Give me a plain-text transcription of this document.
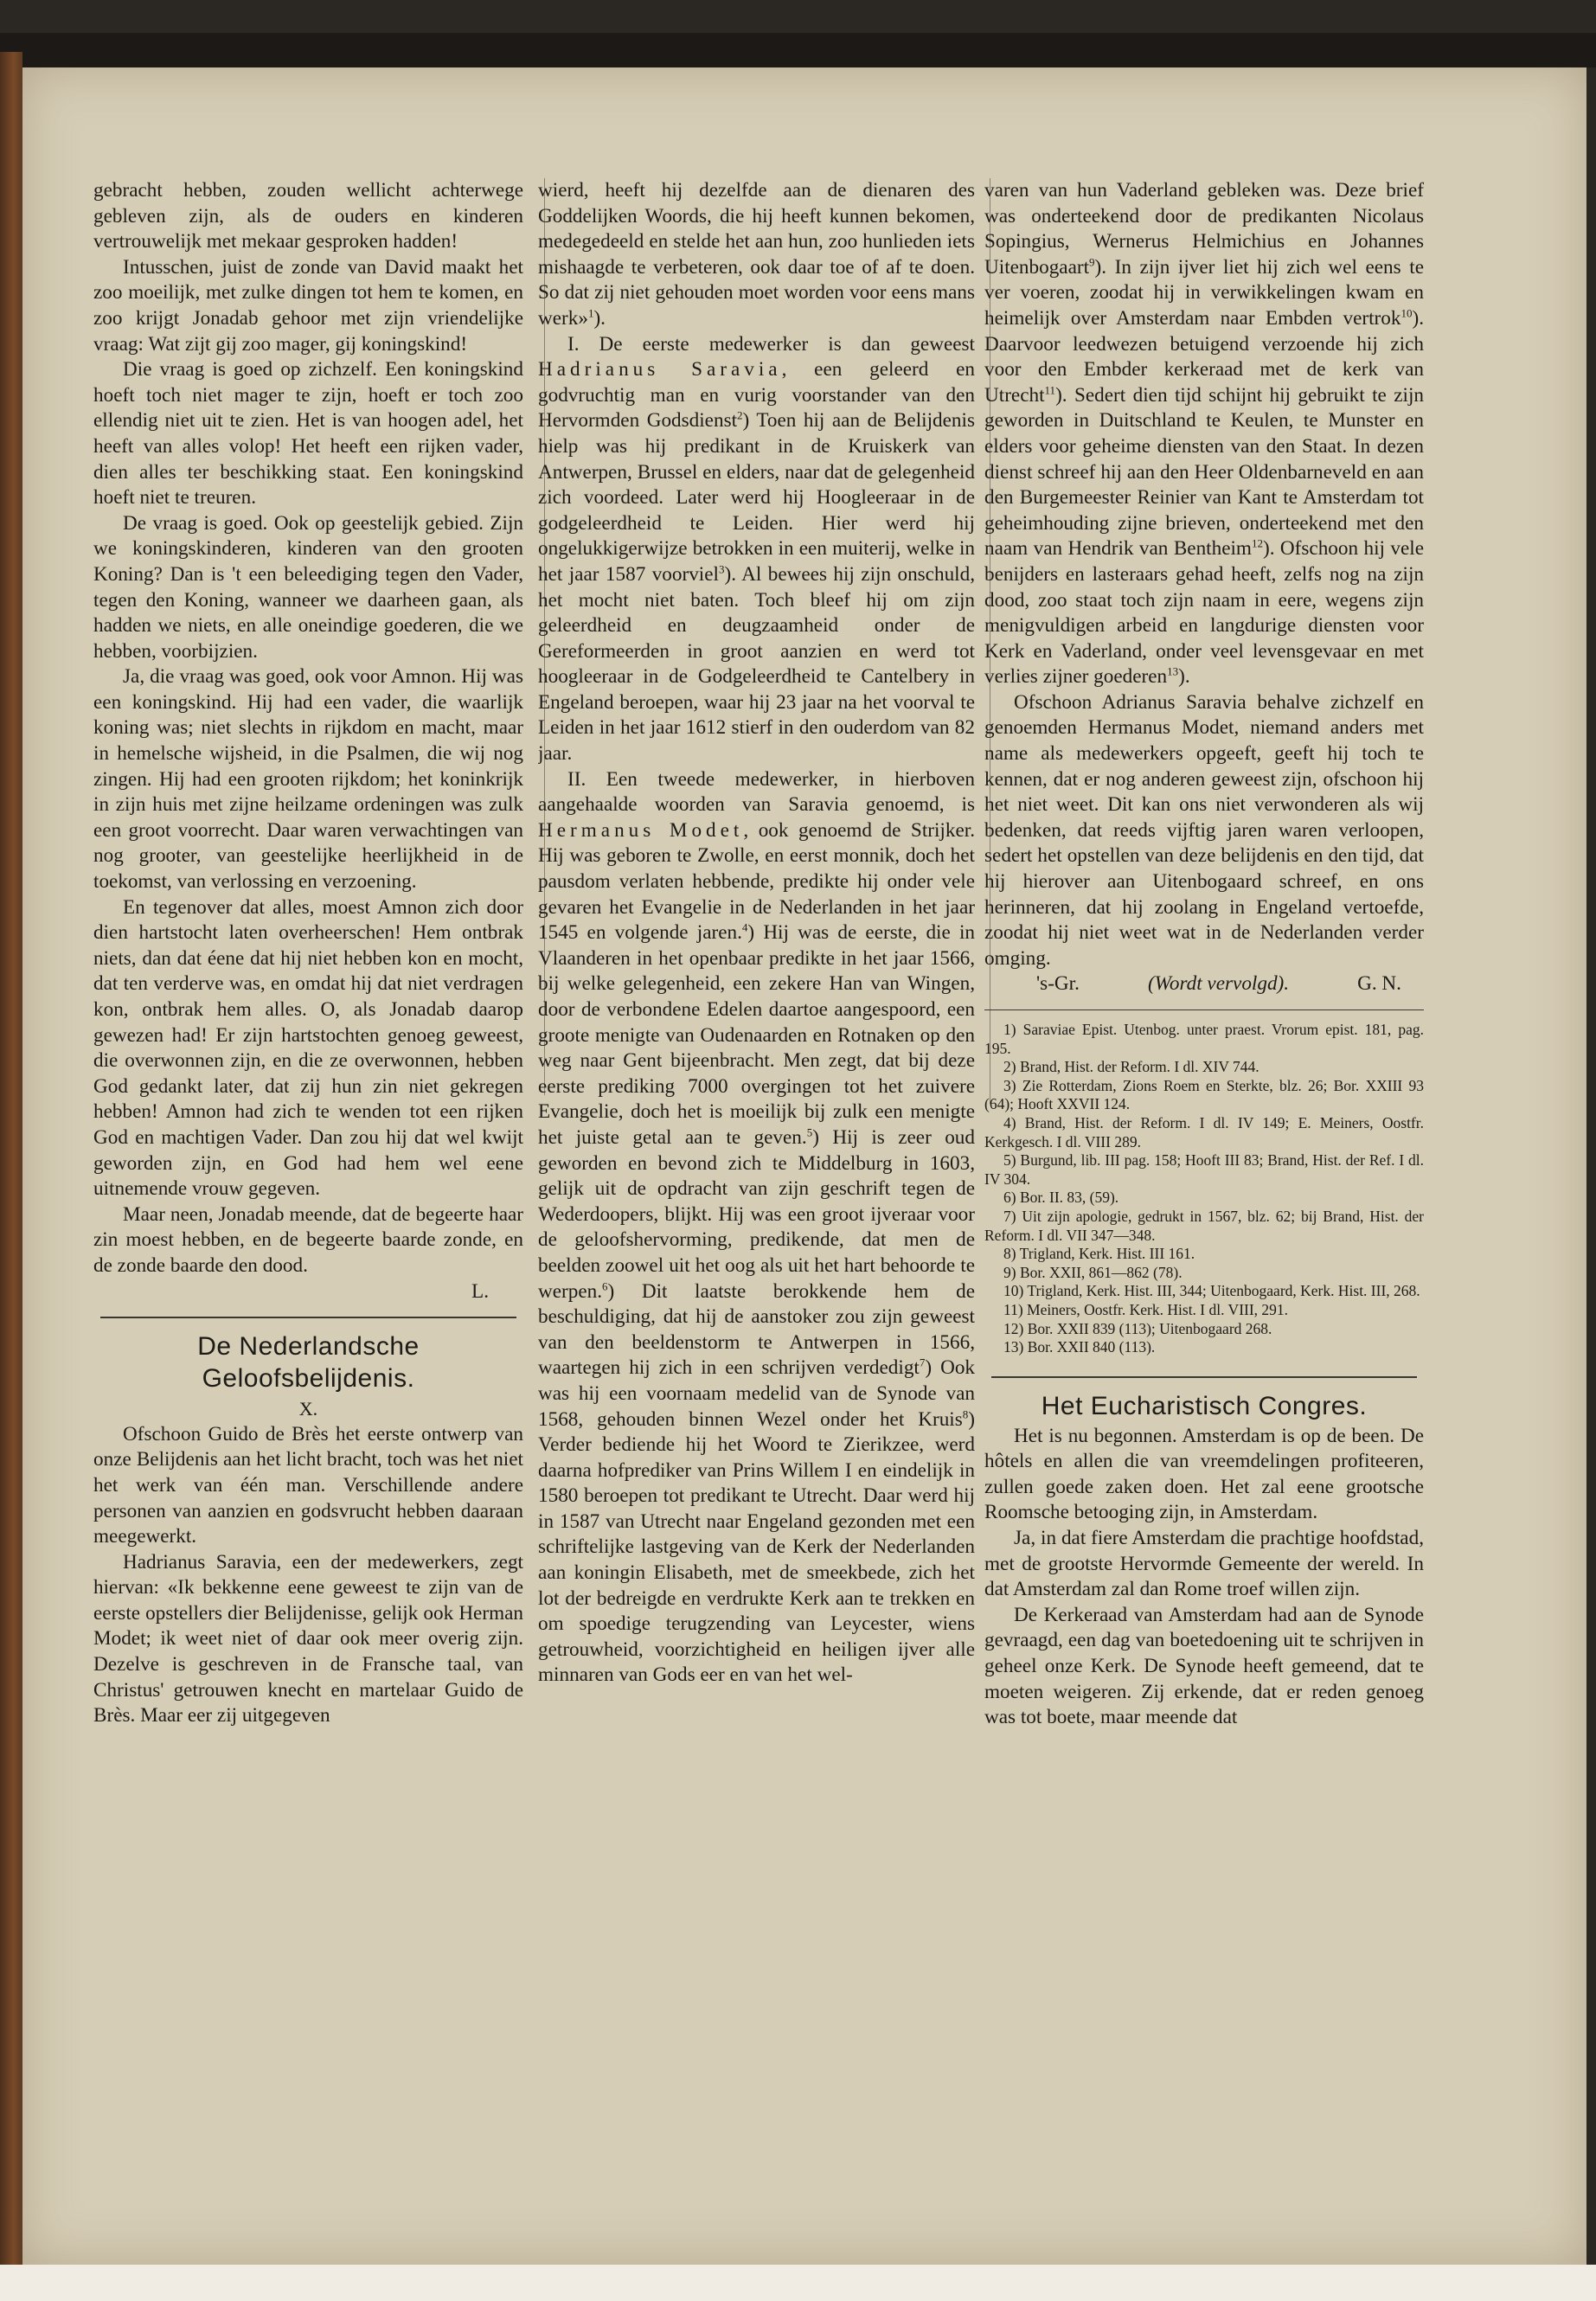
gebracht hebben, zouden wellicht achterwege gebleven zijn, als de ouders en kinderen vertrouwelijk met mekaar gesproken hadden!

Intusschen, juist de zonde van David maakt het zoo moeilijk, met zulke dingen tot hem te komen, en zoo krijgt Jonadab gehoor met zijn vriendelijke vraag: Wat zijt gij zoo mager, gij koningskind!

Die vraag is goed op zichzelf. Een koningskind hoeft toch niet mager te zijn, hoeft er toch zoo ellendig niet uit te zien. Het is van hoogen adel, het heeft van alles volop! Het heeft een rijken vader, dien alles ter beschikking staat. Een koningskind hoeft niet te treuren.

De vraag is goed. Ook op geestelijk gebied. Zijn we koningskinderen, kinderen van den grooten Koning? Dan is 't een beleediging tegen den Vader, tegen den Koning, wanneer we daarheen gaan, als hadden we niets, en alle oneindige goederen, die we hebben, voorbijzien.

Ja, die vraag was goed, ook voor Amnon. Hij was een koningskind. Hij had een vader, die waarlijk koning was; niet slechts in rijkdom en macht, maar in hemelsche wijsheid, in die Psalmen, die wij nog zingen. Hij had een grooten rijkdom; het koninkrijk in zijn huis met zijne heilzame ordeningen was zulk een groot voorrecht. Daar waren verwachtingen van nog grooter, van geestelijke heerlijkheid in de toekomst, van verlossing en verzoening.

En tegenover dat alles, moest Amnon zich door dien hartstocht laten overheerschen! Hem ontbrak niets, dan dat éene dat hij niet hebben kon en mocht, dat ten verderve was, en omdat hij dat niet verdragen kon, ontbrak hem alles. O, als Jonadab daarop gewezen had! Er zijn hartstochten genoeg geweest, die overwonnen zijn, en die ze overwonnen, hebben God gedankt later, dat zij hun zin niet gekregen hebben! Amnon had zich te wenden tot een rijken God en machtigen Vader. Dan zou hij dat wel kwijt geworden zijn, en God had hem wel eene uitnemende vrouw gegeven.

Maar neen, Jonadab meende, dat de begeerte haar zin moest hebben, en de begeerte baarde zonde, en de zonde baarde den dood.

L.
De Nederlandsche Geloofsbelijdenis.
X.

Ofschoon Guido de Brès het eerste ontwerp van onze Belijdenis aan het licht bracht, toch was het niet het werk van één man. Verschillende andere personen van aanzien en godsvrucht hebben daaraan meegewerkt.

Hadrianus Saravia, een der medewerkers, zegt hiervan: «Ik bekkenne eene geweest te zijn van de eerste opstellers dier Belijdenisse, gelijk ook Herman Modet; ik weet niet of daar ook meer overig zijn. Dezelve is geschreven in de Fransche taal, van Christus' getrouwen knecht en martelaar Guido de Brès. Maar eer zij uitgegeven

wierd, heeft hij dezelfde aan de dienaren des Goddelijken Woords, die hij heeft kunnen bekomen, medegedeeld en stelde het aan hun, zoo hunlieden iets mishaagde te verbeteren, ook daar toe of af te doen. So dat zij niet gehouden moet worden voor eens mans werk»$^1$).

I. De eerste medewerker is dan geweest Hadrianus Saravia, een geleerd en godvruchtig man en vurig voorstander van den Hervormden Godsdienst$^2$) Toen hij aan de Belijdenis hielp was hij predikant in de Kruiskerk van Antwerpen, Brussel en elders, naar dat de gelegenheid zich voordeed. Later werd hij Hoogleeraar in de godgeleerdheid te Leiden. Hier werd hij ongelukkigerwijze betrokken in een muiterij, welke in het jaar 1587 voorviel$^3$). Al bewees hij zijn onschuld, het mocht niet baten. Toch bleef hij om zijn geleerdheid en deugzaamheid onder de Gereformeerden in groot aanzien en werd tot hoogleeraar in de Godgeleerdheid te Cantelbery in Engeland beroepen, waar hij 23 jaar na het voorval te Leiden in het jaar 1612 stierf in den ouderdom van 82 jaar.

II. Een tweede medewerker, in hierboven aangehaalde woorden van Saravia genoemd, is Hermanus Modet, ook genoemd de Strijker. Hij was geboren te Zwolle, en eerst monnik, doch het pausdom verlaten hebbende, predikte hij onder vele gevaren het Evangelie in de Nederlanden in het jaar 1545 en volgende jaren.$^4$) Hij was de eerste, die in Vlaanderen in het openbaar predikte in het jaar 1566, bij welke gelegenheid, een zekere Han van Wingen, door de verbondene Edelen daartoe aangespoord, een groote menigte van Oudenaarden en Rotnaken op den weg naar Gent bijeenbracht. Men zegt, dat bij deze eerste prediking 7000 overgingen tot het zuivere Evangelie, doch het is moeilijk bij zulk een menigte het juiste getal aan te geven.$^5$) Hij is zeer oud geworden en bevond zich te Middelburg in 1603, gelijk uit de opdracht van zijn geschrift tegen de Wederdoopers, blijkt. Hij was een groot ijveraar voor de geloofshervorming, predikende, dat men de beelden zoowel uit het oog als uit het hart behoorde te werpen.$^6$) Dit laatste berokkende hem de beschuldiging, dat hij de aanstoker zou zijn geweest van den beeldenstorm te Antwerpen in 1566, waartegen hij zich in een schrijven verdedigt$^7$) Ook was hij een voornaam medelid van de Synode van 1568, gehouden binnen Wezel onder het Kruis$^8$) Verder bediende hij het Woord te Zierikzee, werd daarna hofprediker van Prins Willem I en eindelijk in 1580 beroepen tot predikant te Utrecht. Daar werd hij in 1587 van Utrecht naar Engeland gezonden met een schriftelijke lastgeving van de Kerk der Nederlanden aan koningin Elisabeth, met de smeekbede, zich het lot der bedreigde en verdrukte Kerk aan te trekken en om spoedige terugzending van Leycester, wiens getrouwheid, voorzichtigheid en heiligen ijver alle minnaren van Gods eer en van het wel-

varen van hun Vaderland gebleken was. Deze brief was onderteekend door de predikanten Nicolaus Sopingius, Wernerus Helmichius en Johannes Uitenbogaart$^9$). In zijn ijver liet hij zich wel eens te ver voeren, zoodat hij in verwikkelingen kwam en heimelijk over Amsterdam naar Embden vertrok$^{10}$). Daarvoor leedwezen betuigend verzoende hij zich voor den Embder kerkeraad met de kerk van Utrecht$^{11}$). Sedert dien tijd schijnt hij gebruikt te zijn geworden in Duitschland te Keulen, te Munster en elders voor geheime diensten van den Staat. In dezen dienst schreef hij aan den Heer Oldenbarneveld en aan den Burgemeester Reinier van Kant te Amsterdam tot geheimhouding zijne brieven, onderteekend met den naam van Hendrik van Bentheim$^{12}$). Ofschoon hij vele benijders en lasteraars gehad heeft, zelfs nog na zijn dood, zoo staat toch zijn naam in eere, wegens zijn menigvuldigen arbeid en langdurige diensten voor Kerk en Vaderland, onder veel levensgevaar en met verlies zijner goederen$^{13}$).

Ofschoon Adrianus Saravia behalve zichzelf en genoemden Hermanus Modet, niemand anders met name als medewerkers opgeeft, geeft hij toch te kennen, dat er nog anderen geweest zijn, ofschoon hij het niet weet. Dit kan ons niet verwonderen als wij bedenken, dat reeds vijftig jaren waren verloopen, sedert het opstellen van deze belijdenis en den tijd, dat hij hierover aan Uitenbogaard schreef, en ons herinneren, dat hij zoolang in Engeland vertoefde, zoodat hij niet weet wat in de Nederlanden verder omging.

's-Gr.	(Wordt vervolgd).	G. N.

1) Saraviae Epist. Utenbog. unter praest. Vrorum epist. 181, pag. 195.

2) Brand, Hist. der Reform. I dl. XIV 744.

3) Zie Rotterdam, Zions Roem en Sterkte, blz. 26; Bor. XXIII 93 (64); Hooft XXVII 124.

4) Brand, Hist. der Reform. I dl. IV 149; E. Meiners, Oostfr. Kerkgesch. I dl. VIII 289.

5) Burgund, lib. III pag. 158; Hooft III 83; Brand, Hist. der Ref. I dl. IV 304.

6) Bor. II. 83, (59).

7) Uit zijn apologie, gedrukt in 1567, blz. 62; bij Brand, Hist. der Reform. I dl. VII 347—348.

8) Trigland, Kerk. Hist. III 161.

9) Bor. XXII, 861—862 (78).

10) Trigland, Kerk. Hist. III, 344; Uitenbogaard, Kerk. Hist. III, 268.

11) Meiners, Oostfr. Kerk. Hist. I dl. VIII, 291.

12) Bor. XXII 839 (113); Uitenbogaard 268.

13) Bor. XXII 840 (113).

Het Eucharistisch Congres.

Het is nu begonnen. Amsterdam is op de been. De hôtels en allen die van vreemdelingen profiteeren, zullen goede zaken doen. Het zal eene grootsche Roomsche betooging zijn, in Amsterdam.

Ja, in dat fiere Amsterdam die prachtige hoofdstad, met de grootste Hervormde Gemeente der wereld. In dat Amsterdam zal dan Rome troef willen zijn.

De Kerkeraad van Amsterdam had aan de Synode gevraagd, een dag van boetedoening uit te schrijven in geheel onze Kerk. De Synode heeft gemeend, dat te moeten weigeren. Zij erkende, dat er reden genoeg was tot boete, maar meende dat
